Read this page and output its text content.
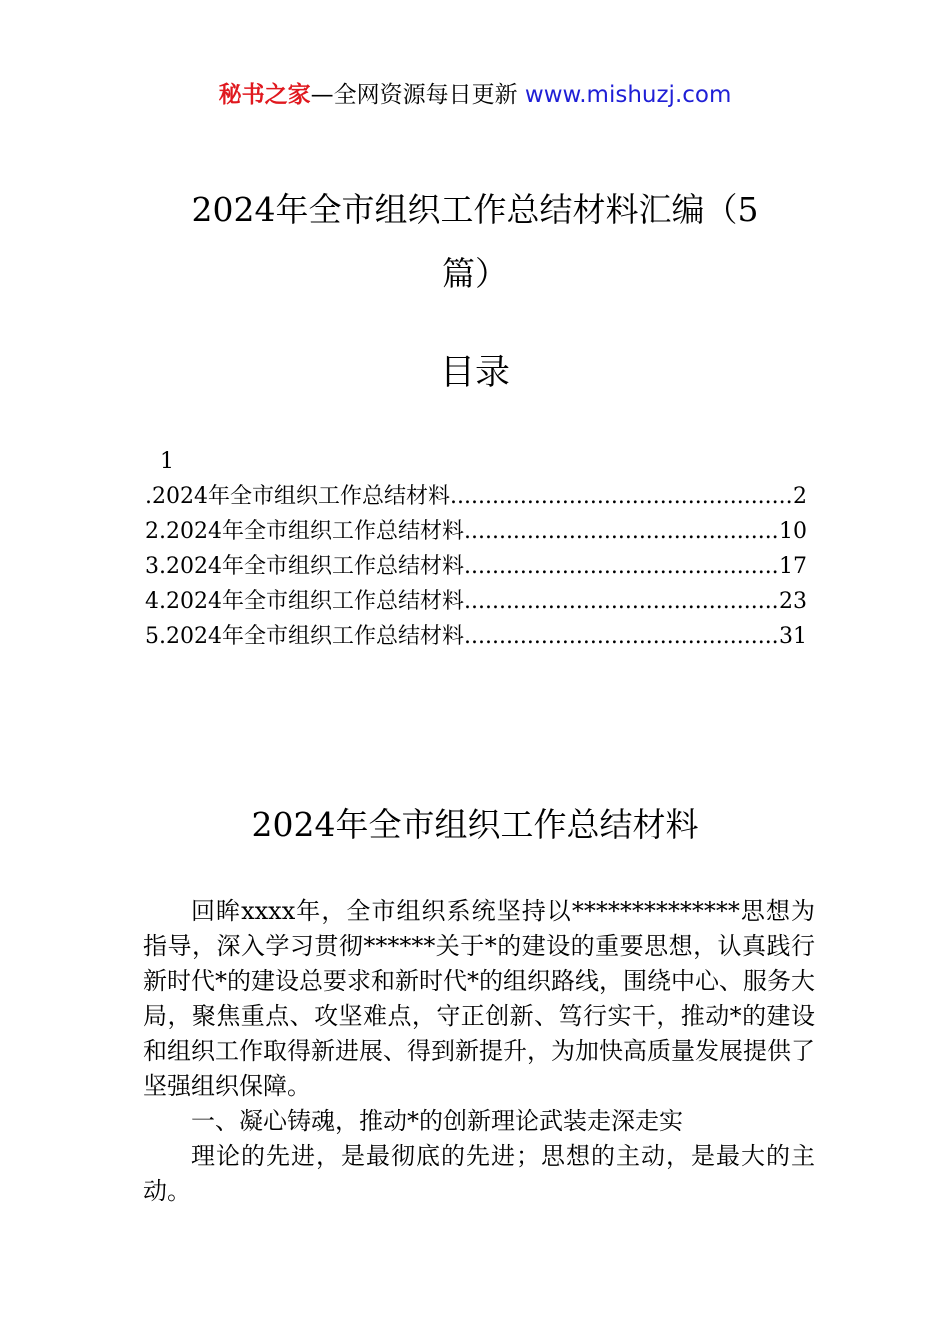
秘书之家—全网资源每日更新 www.mishuzj.com
2024年全市组织工作总结材料汇编（5篇）
目录
1
.2024年全市组织工作总结材料 .....	2
2.2024年全市组织工作总结材料 .....	10
3.2024年全市组织工作总结材料 .....	17
4.2024年全市组织工作总结材料 .....	23
5.2024年全市组织工作总结材料 .....	31
2024年全市组织工作总结材料

回眸xxxx年，全市组织系统坚持以**************思想为指导，深入学习贯彻******关于*的建设的重要思想，认真践行新时代*的建设总要求和新时代*的组织路线，围绕中心、服务大局，聚焦重点、攻坚难点，守正创新、笃行实干，推动*的建设和组织工作取得新进展、得到新提升，为加快高质量发展提供了坚强组织保障。

一、凝心铸魂，推动*的创新理论武装走深走实

理论的先进，是最彻底的先进；思想的主动，是最大的主动。
